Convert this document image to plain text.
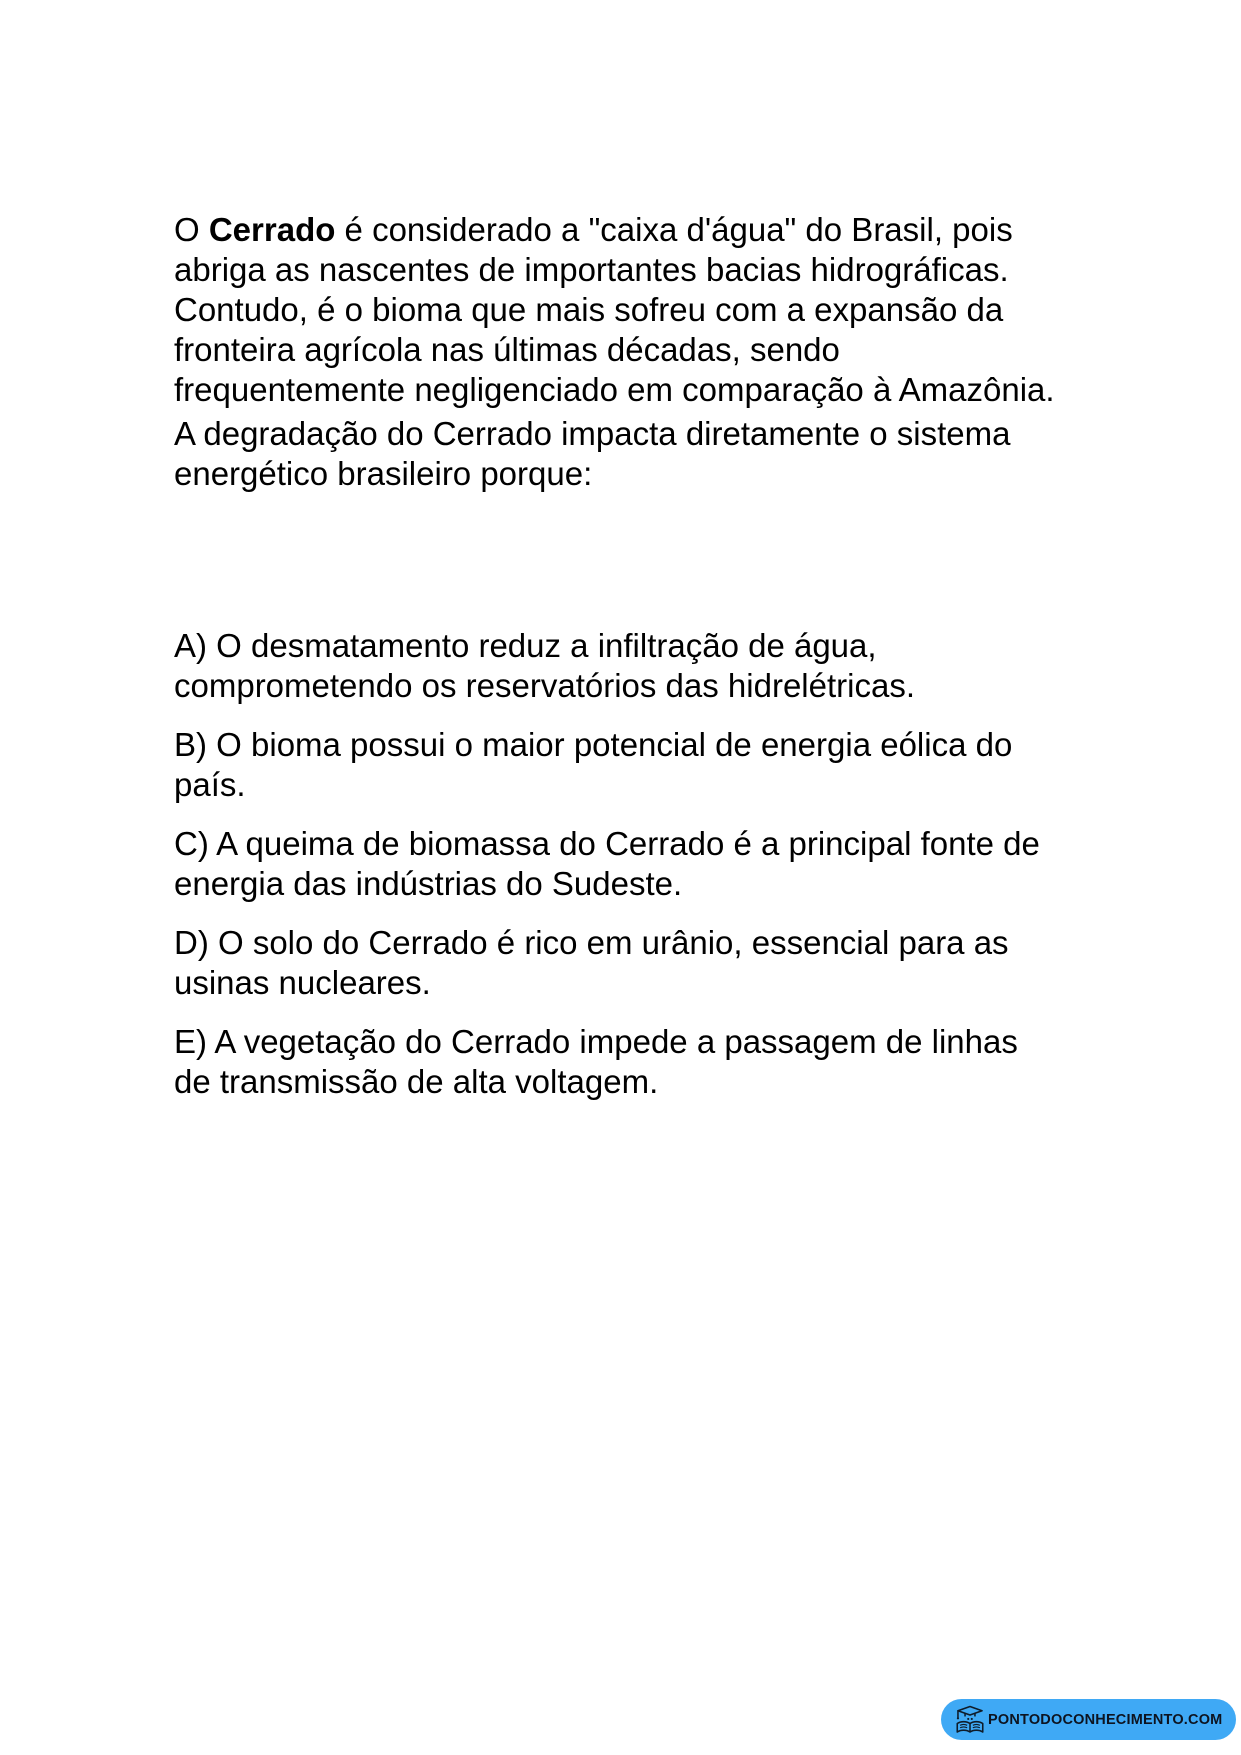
O Cerrado é considerado a "caixa d'água" do Brasil, pois abriga as nascentes de importantes bacias hidrográficas. Contudo, é o bioma que mais sofreu com a expansão da fronteira agrícola nas últimas décadas, sendo frequentemente negligenciado em comparação à Amazônia.

A degradação do Cerrado impacta diretamente o sistema energético brasileiro porque:

A) O desmatamento reduz a infiltração de água, comprometendo os reservatórios das hidrelétricas.

B) O bioma possui o maior potencial de energia eólica do país.

C) A queima de biomassa do Cerrado é a principal fonte de energia das indústrias do Sudeste.

D) O solo do Cerrado é rico em urânio, essencial para as usinas nucleares.

E) A vegetação do Cerrado impede a passagem de linhas de transmissão de alta voltagem.

PONTODOCONHECIMENTO.COM
